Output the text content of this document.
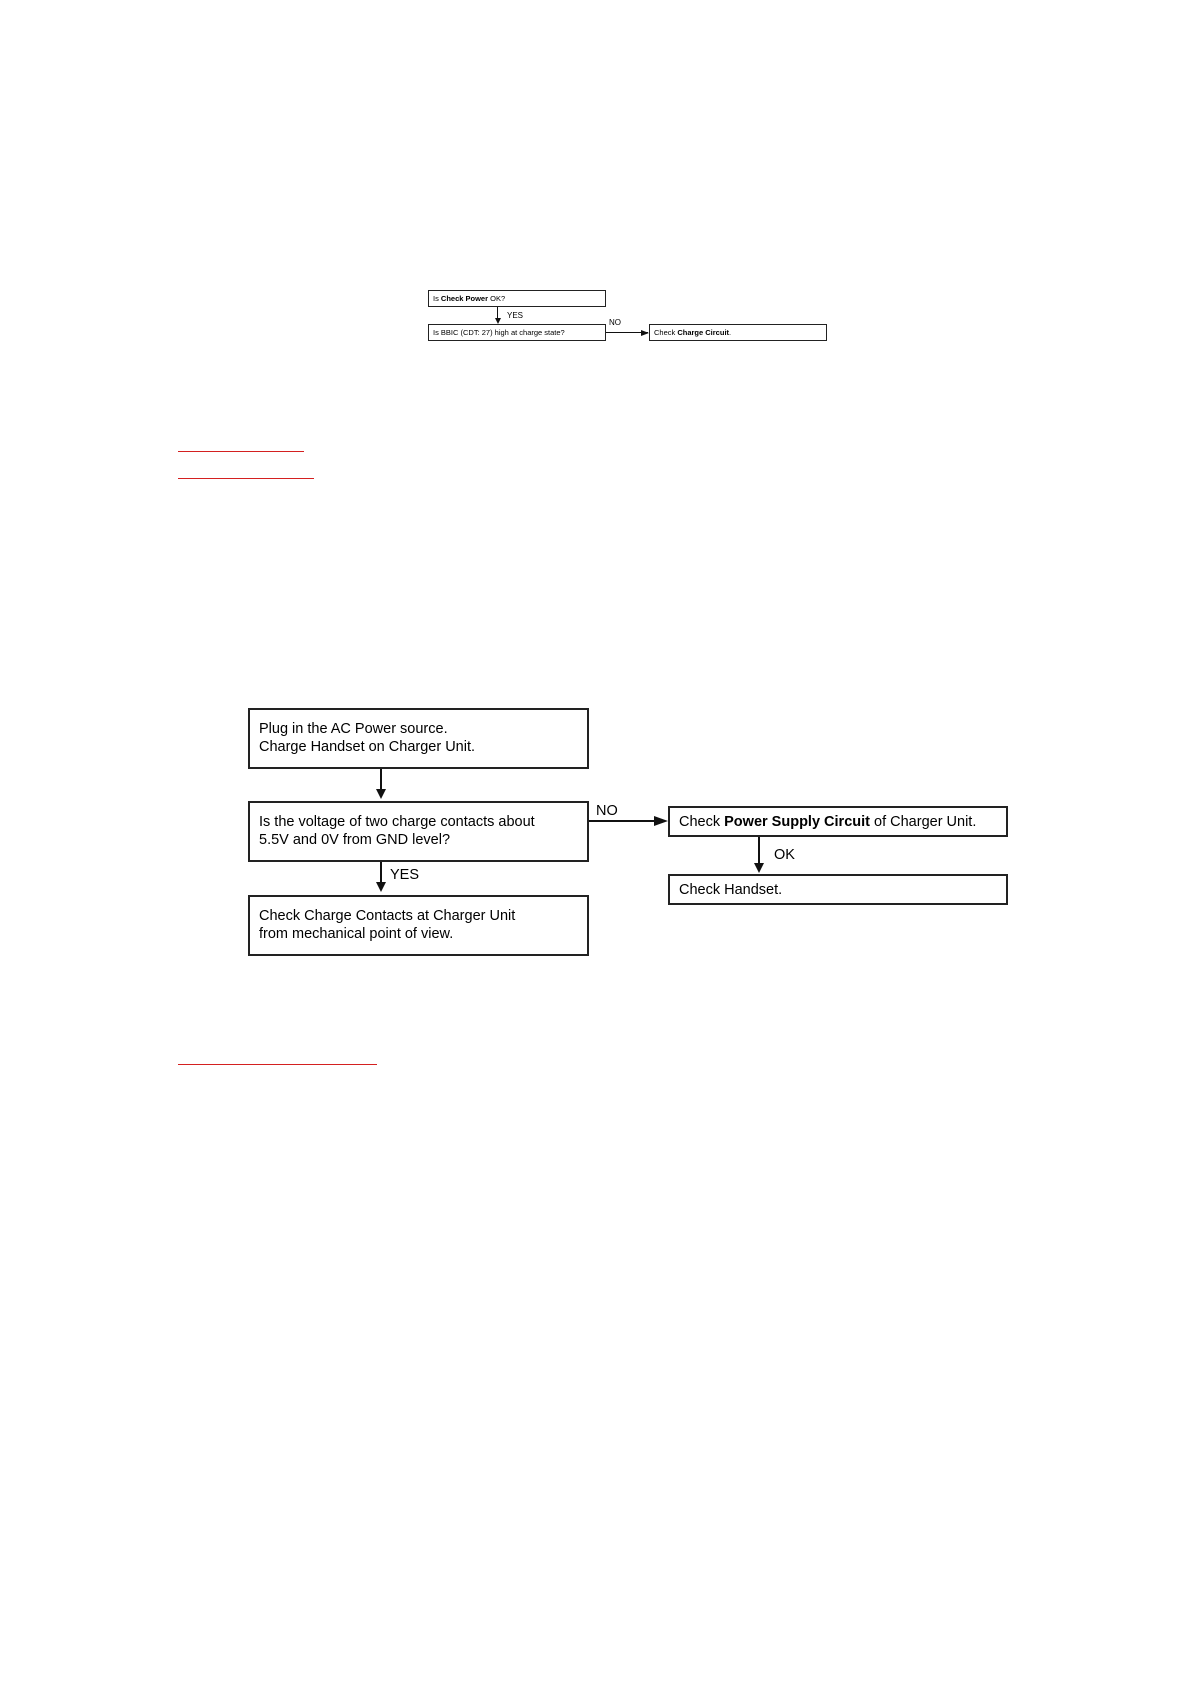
Is Check Power OK?
YES
Is BBIC (CDT: 27) high at charge state?
NO
Check Charge Circuit.
Plug in the AC Power source.
Charge Handset on Charger Unit.
Is the voltage of two charge contacts about
5.5V and 0V from GND level?
NO
YES
Check Charge Contacts at Charger Unit
from mechanical point of view.
Check Power Supply Circuit of Charger Unit.
OK
Check Handset.
